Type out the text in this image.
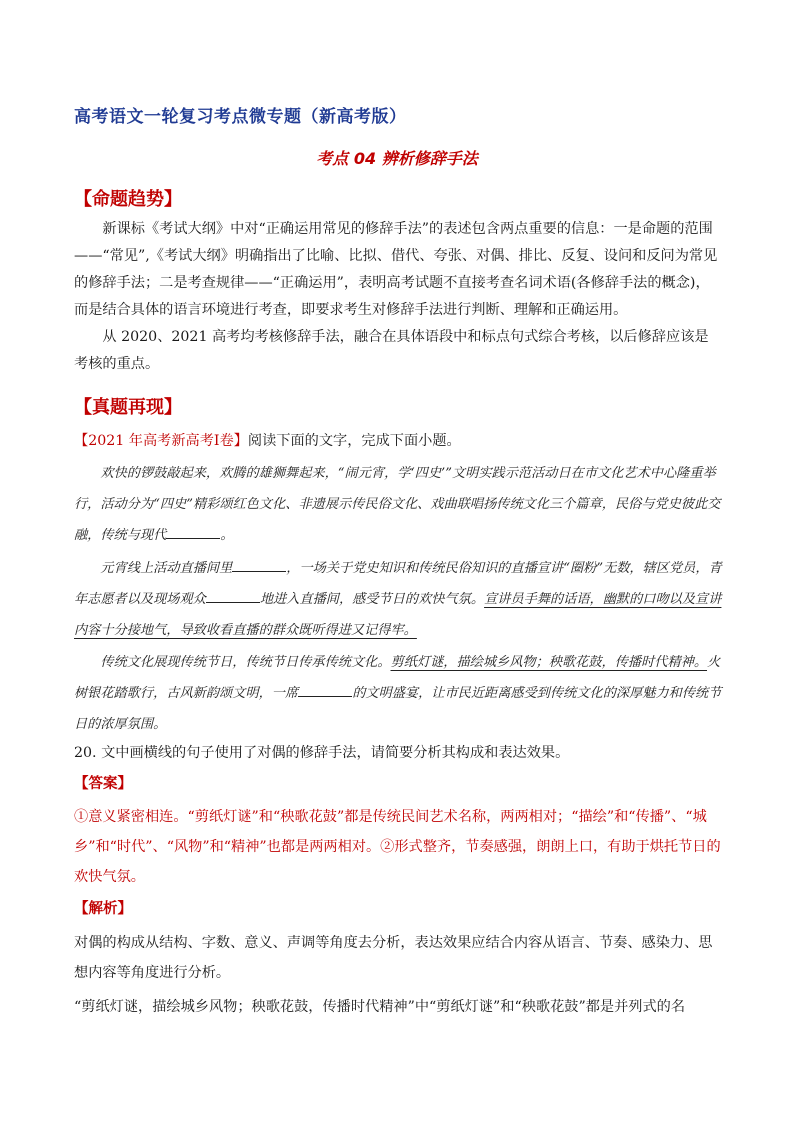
高考语文一轮复习考点微专题（新高考版）
考点 04 辨析修辞手法
【命题趋势】

新课标《考试大纲》中对“正确运用常见的修辞手法”的表述包含两点重要的信息：一是命题的范围——“常见”,《考试大纲》明确指出了比喻、比拟、借代、夸张、对偶、排比、反复、设问和反问为常见的修辞手法；二是考查规律——“正确运用”，表明高考试题不直接考查名词术语(各修辞手法的概念)，而是结合具体的语言环境进行考查，即要求考生对修辞手法进行判断、理解和正确运用。

从 2020、2021 高考均考核修辞手法，融合在具体语段中和标点句式综合考核，以后修辞应该是考核的重点。

【真题再现】

【2021 年高考新高考Ⅰ卷】阅读下面的文字，完成下面小题。

欢快的锣鼓敲起来，欢腾的雄狮舞起来，“闹元宵，学‘四史’”文明实践示范活动日在市文化艺术中心隆重举行，活动分为“四史”精彩颂红色文化、非遗展示传民俗文化、戏曲联唱扬传统文化三个篇章，民俗与党史彼此交融，传统与现代	。

元宵线上活动直播间里	，一场关于党史知识和传统民俗知识的直播宣讲“圈粉”无数，辖区党员，青年志愿者以及现场观众	地进入直播间，感受节日的欢快气氛。宣讲员手舞的话语，幽默的口吻以及宣讲内容十分接地气，导致收看直播的群众既听得进又记得牢。

传统文化展现传统节日，传统节日传承传统文化。剪纸灯谜，描绘城乡风物；秧歌花鼓，传播时代精神。火树银花踏歌行，古风新韵颂文明，一席	的文明盛宴，让市民近距离感受到传统文化的深厚魅力和传统节日的浓厚氛围。

20. 文中画横线的句子使用了对偶的修辞手法，请简要分析其构成和表达效果。

【答案】

①意义紧密相连。“剪纸灯谜”和“秧歌花鼓”都是传统民间艺术名称，两两相对；“描绘”和“传播”、“城乡”和“时代”、“风物”和“精神”也都是两两相对。②形式整齐，节奏感强，朗朗上口，有助于烘托节日的欢快气氛。

【解析】

对偶的构成从结构、字数、意义、声调等角度去分析，表达效果应结合内容从语言、节奏、感染力、思想内容等角度进行分析。

“剪纸灯谜，描绘城乡风物；秧歌花鼓，传播时代精神”中“剪纸灯谜”和“秧歌花鼓”都是并列式的名
